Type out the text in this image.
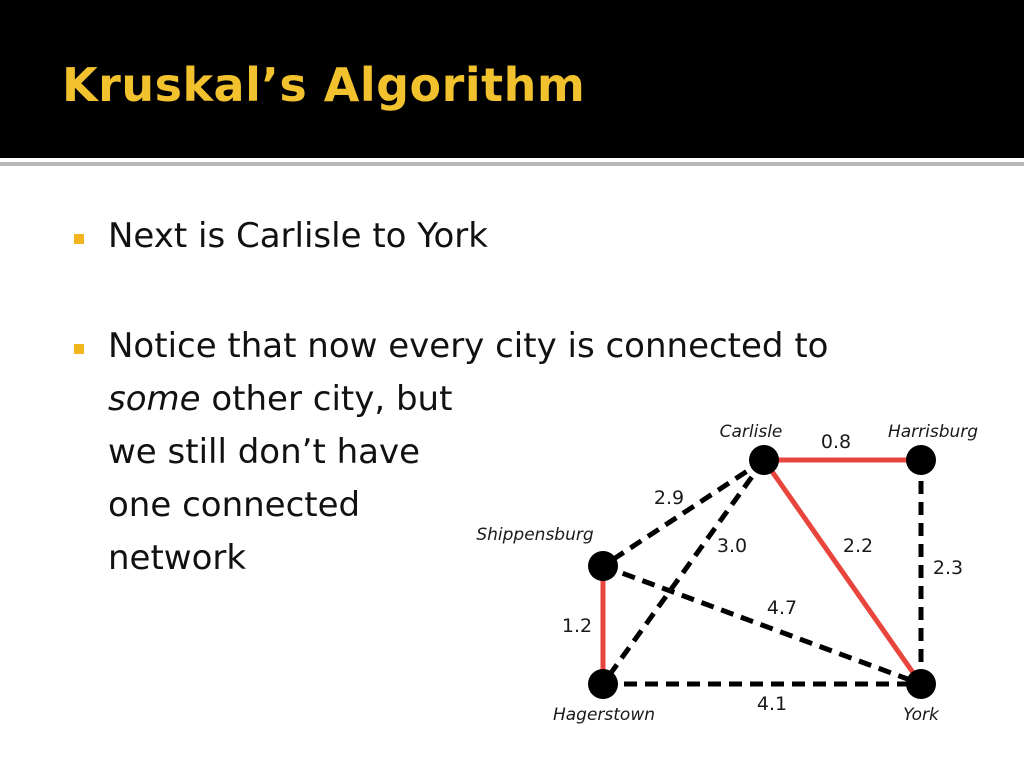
Kruskal’s Algorithm

Next is Carlisle to York

Notice that now every city is connected to
some other city, but
we still don’t have
one connected
network
0.8
2.2
1.2
2.9
3.0
2.3
4.7
4.1
Carlisle	Harrisburg
Shippensburg
Hagerstown	York
